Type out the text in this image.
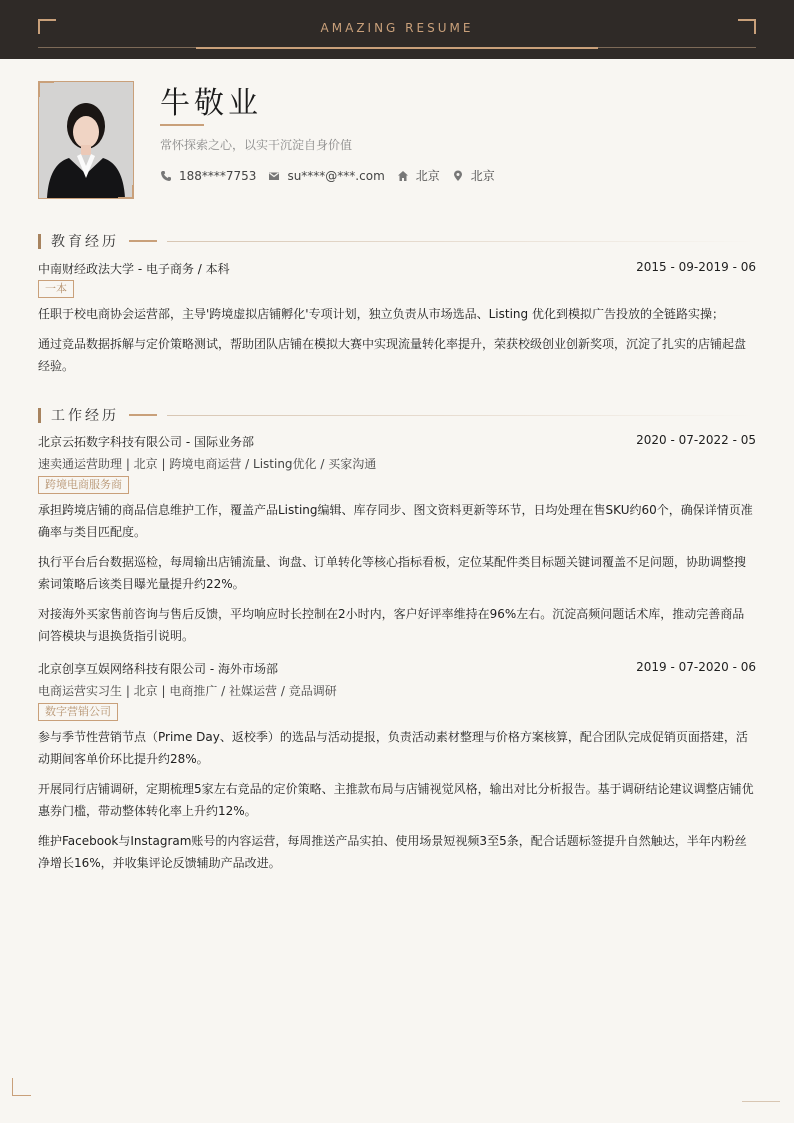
AMAZING RESUME
牛敬业
常怀探索之心，以实干沉淀自身价值
188****7753	su****@***.com	北京	北京
教育经历
中南财经政法大学 - 电子商务 / 本科	2015 - 09-2019 - 06
一本
任职于校电商协会运营部，主导'跨境虚拟店铺孵化'专项计划，独立负责从市场选品、Listing 优化到模拟广告投放的全链路实操；
通过竞品数据拆解与定价策略测试，帮助团队店铺在模拟大赛中实现流量转化率提升，荣获校级创业创新奖项，沉淀了扎实的店铺起盘经验。
工作经历
北京云拓数字科技有限公司 - 国际业务部	2020 - 07-2022 - 05
速卖通运营助理 | 北京 | 跨境电商运营 / Listing优化 / 买家沟通
跨境电商服务商
承担跨境店铺的商品信息维护工作，覆盖产品Listing编辑、库存同步、图文资料更新等环节，日均处理在售SKU约60个，确保详情页准确率与类目匹配度。
执行平台后台数据巡检，每周输出店铺流量、询盘、订单转化等核心指标看板，定位某配件类目标题关键词覆盖不足问题，协助调整搜索词策略后该类目曝光量提升约22%。
对接海外买家售前咨询与售后反馈，平均响应时长控制在2小时内，客户好评率维持在96%左右。沉淀高频问题话术库，推动完善商品问答模块与退换货指引说明。
北京创享互娱网络科技有限公司 - 海外市场部	2019 - 07-2020 - 06
电商运营实习生 | 北京 | 电商推广 / 社媒运营 / 竞品调研
数字营销公司
参与季节性营销节点（Prime Day、返校季）的选品与活动提报，负责活动素材整理与价格方案核算，配合团队完成促销页面搭建，活动期间客单价环比提升约28%。
开展同行店铺调研，定期梳理5家左右竞品的定价策略、主推款布局与店铺视觉风格，输出对比分析报告。基于调研结论建议调整店铺优惠券门槛，带动整体转化率上升约12%。
维护Facebook与Instagram账号的内容运营，每周推送产品实拍、使用场景短视频3至5条，配合话题标签提升自然触达，半年内粉丝净增长16%，并收集评论反馈辅助产品改进。
